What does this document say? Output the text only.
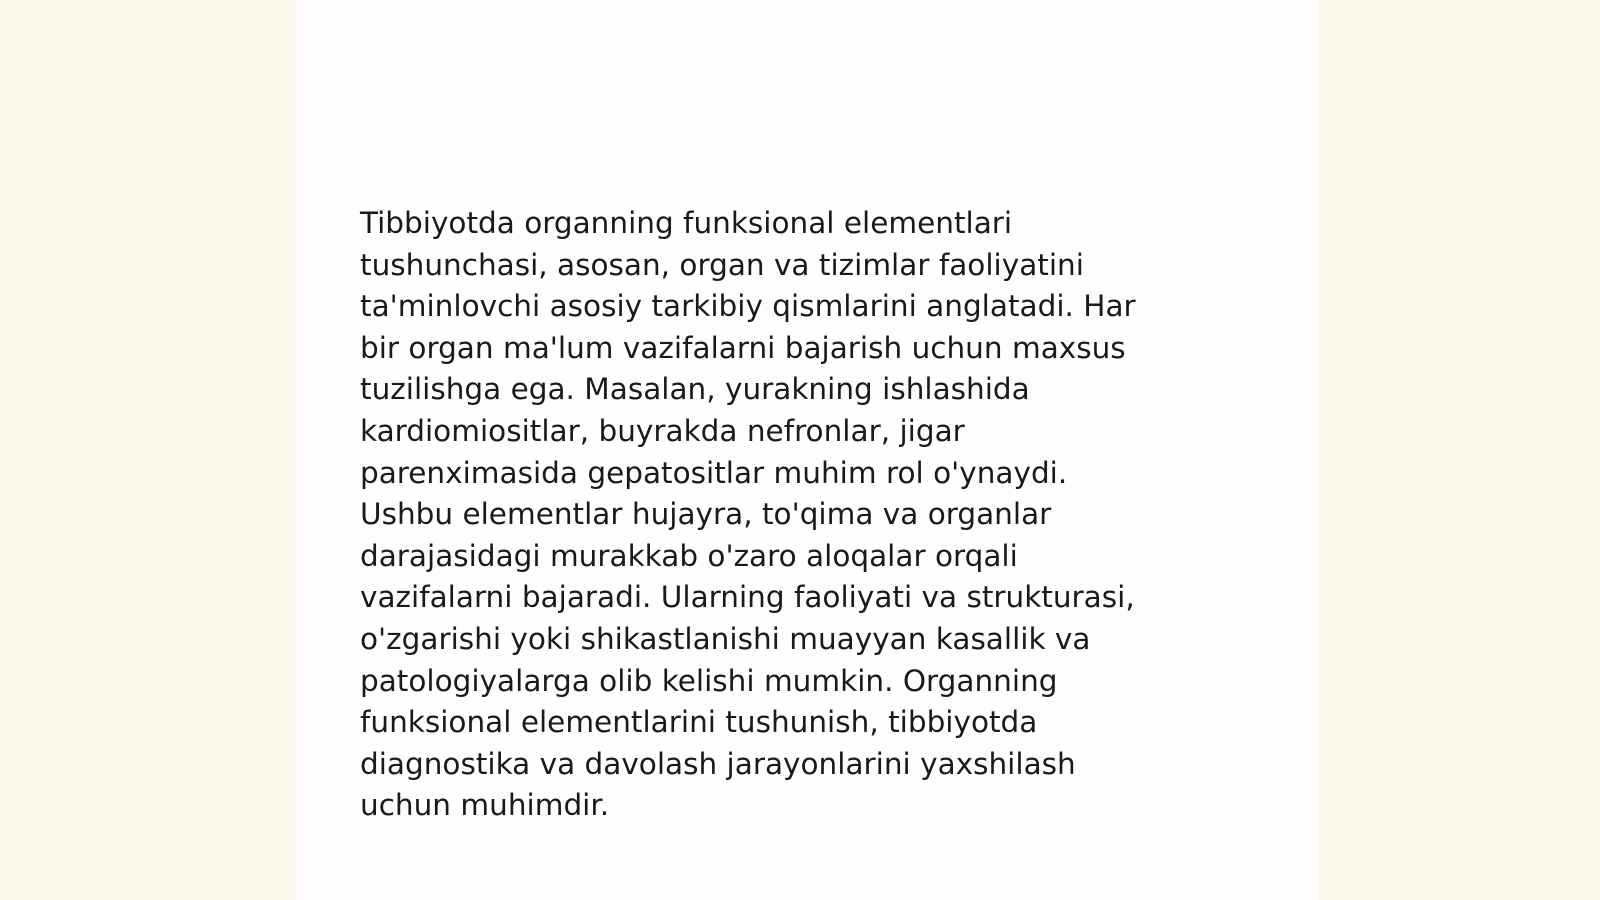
Tibbiyotda organning funksional elementlari
tushunchasi, asosan, organ va tizimlar faoliyatini
ta'minlovchi asosiy tarkibiy qismlarini anglatadi. Har
bir organ ma'lum vazifalarni bajarish uchun maxsus
tuzilishga ega. Masalan, yurakning ishlashida
kardiomiositlar, buyrakda nefronlar, jigar
parenximasida gepatositlar muhim rol o'ynaydi.
Ushbu elementlar hujayra, to'qima va organlar
darajasidagi murakkab o'zaro aloqalar orqali
vazifalarni bajaradi. Ularning faoliyati va strukturasi,
o'zgarishi yoki shikastlanishi muayyan kasallik va
patologiyalarga olib kelishi mumkin. Organning
funksional elementlarini tushunish, tibbiyotda
diagnostika va davolash jarayonlarini yaxshilash
uchun muhimdir.
